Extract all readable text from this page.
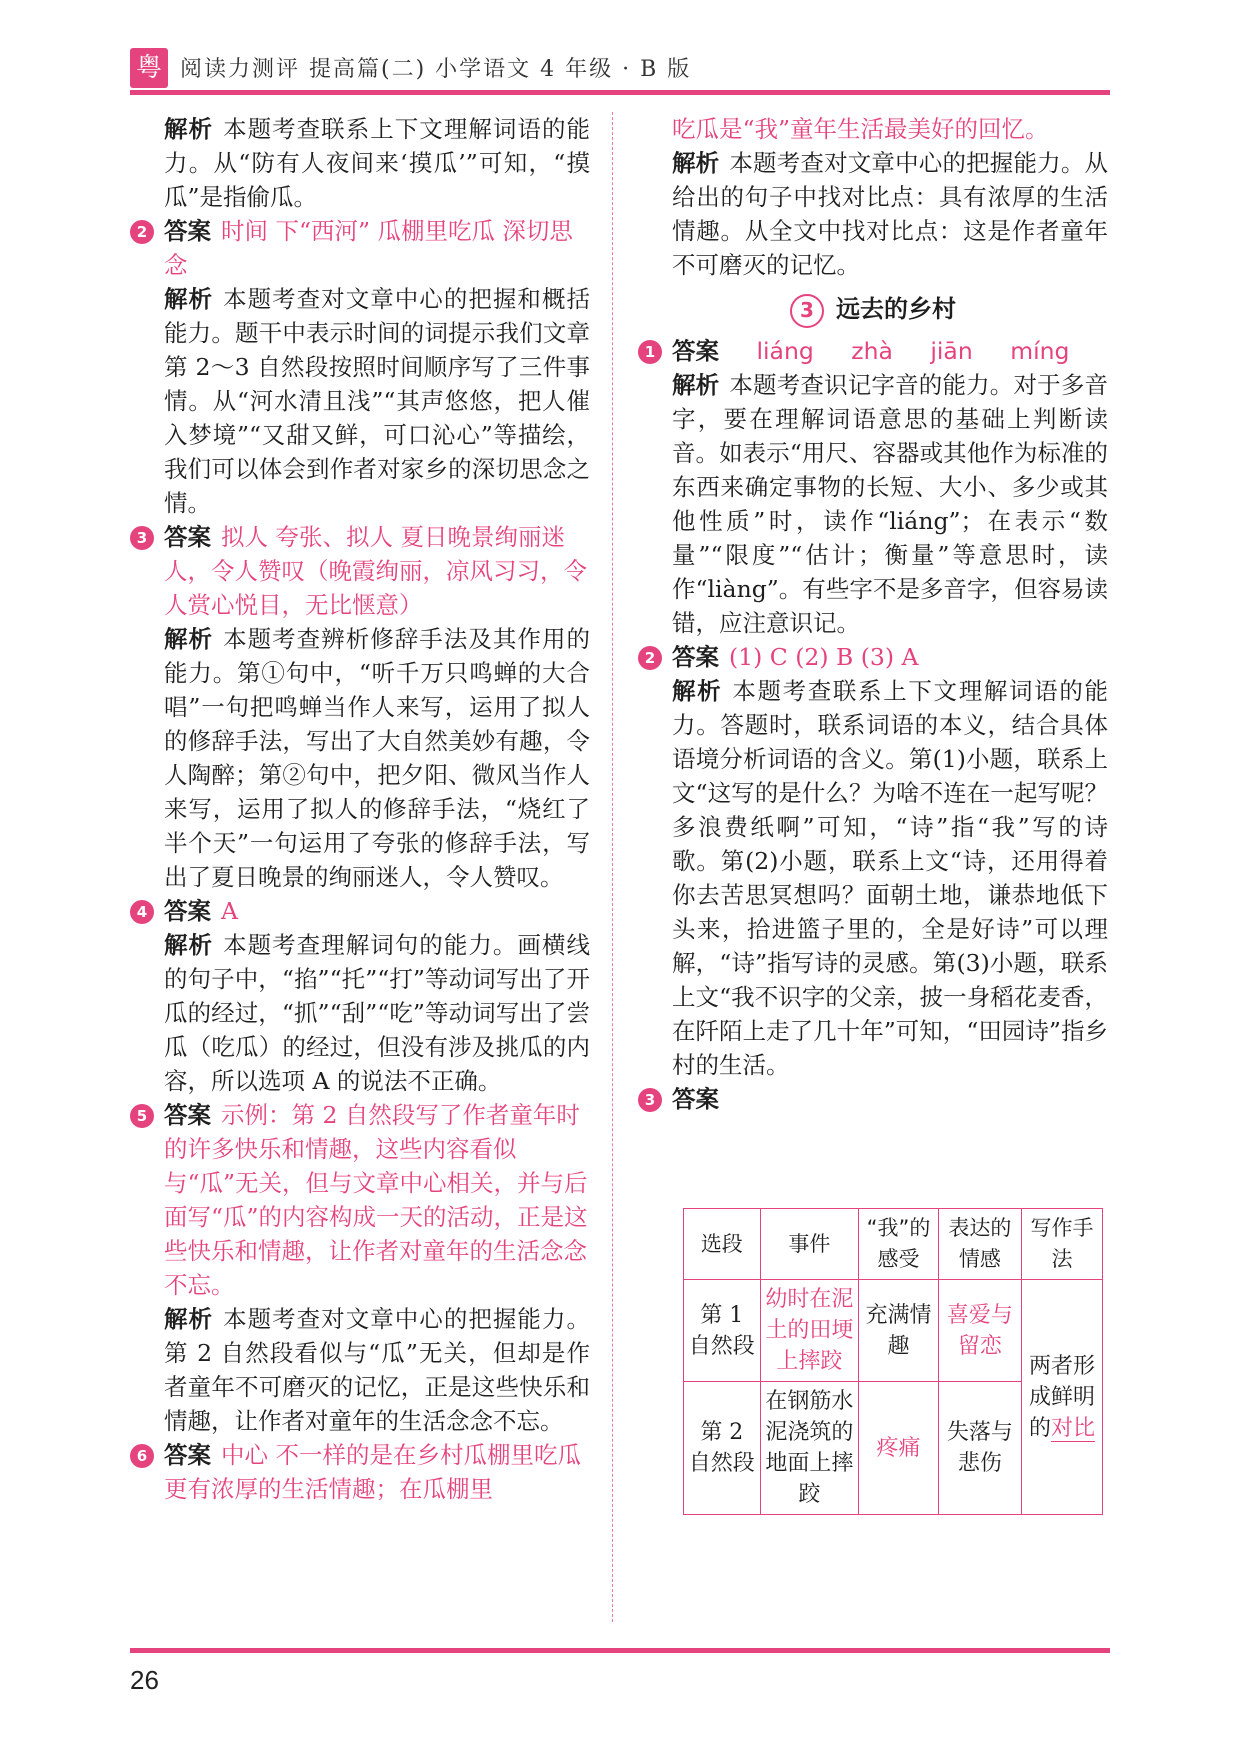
粤 阅读力测评 提高篇(二) 小学语文 4 年级 · B 版
解析 本题考查联系上下文理解词语的能力。从“防有人夜间来‘摸瓜’”可知，“摸瓜”是指偷瓜。
2 答案 时间 下“西河” 瓜棚里吃瓜 深切思念
解析 本题考查对文章中心的把握和概括能力。题干中表示时间的词提示我们文章第 2～3 自然段按照时间顺序写了三件事情。从“河水清且浅”“其声悠悠，把人催入梦境”“又甜又鲜，可口沁心”等描绘，我们可以体会到作者对家乡的深切思念之情。
3 答案 拟人 夸张、拟人 夏日晚景绚丽迷人，令人赞叹（晚霞绚丽，凉风习习，令人赏心悦目，无比惬意）
解析 本题考查辨析修辞手法及其作用的能力。第①句中，“听千万只鸣蝉的大合唱”一句把鸣蝉当作人来写，运用了拟人的修辞手法，写出了大自然美妙有趣，令人陶醉；第②句中，把夕阳、微风当作人来写，运用了拟人的修辞手法，“烧红了半个天”一句运用了夸张的修辞手法，写出了夏日晚景的绚丽迷人，令人赞叹。
4 答案 A
解析 本题考查理解词句的能力。画横线的句子中，“掐”“托”“打”等动词写出了开瓜的经过，“抓”“刮”“吃”等动词写出了尝瓜（吃瓜）的经过，但没有涉及挑瓜的内容，所以选项 A 的说法不正确。
5 答案 示例：第 2 自然段写了作者童年时的许多快乐和情趣，这些内容看似与“瓜”无关，但与文章中心相关，并与后面写“瓜”的内容构成一天的活动，正是这些快乐和情趣，让作者对童年的生活念念不忘。
解析 本题考查对文章中心的把握能力。第 2 自然段看似与“瓜”无关，但却是作者童年不可磨灭的记忆，正是这些快乐和情趣，让作者对童年的生活念念不忘。
6 答案 中心 不一样的是在乡村瓜棚里吃瓜更有浓厚的生活情趣；在瓜棚里
吃瓜是“我”童年生活最美好的回忆。
解析 本题考查对文章中心的把握能力。从给出的句子中找对比点：具有浓厚的生活情趣。从全文中找对比点：这是作者童年不可磨灭的记忆。
3 远去的乡村
1 答案 liáng zhà jiān míng
解析 本题考查识记字音的能力。对于多音字，要在理解词语意思的基础上判断读音。如表示“用尺、容器或其他作为标准的东西来确定事物的长短、大小、多少或其他性质”时，读作“liáng”；在表示“数量”“限度”“估计；衡量”等意思时，读作“liàng”。有些字不是多音字，但容易读错，应注意识记。
2 答案 (1) C (2) B (3) A
解析 本题考查联系上下文理解词语的能力。答题时，联系词语的本义，结合具体语境分析词语的含义。第(1)小题，联系上文“这写的是什么？为啥不连在一起写呢？多浪费纸啊”可知，“诗”指“我”写的诗歌。第(2)小题，联系上文“诗，还用得着你去苦思冥想吗？面朝土地，谦恭地低下头来，拾进篮子里的，全是好诗”可以理解，“诗”指写诗的灵感。第(3)小题，联系上文“我不识字的父亲，披一身稻花麦香，在阡陌上走了几十年”可知，“田园诗”指乡村的生活。
3 答案
选段	事件	“我”的感受	表达的情感	写作手法
第 1 自然段	幼时在泥土的田埂上摔跤	充满情趣	喜爱与留恋	两者形成鲜明的对比
第 2 自然段	在钢筋水泥浇筑的地面上摔跤	疼痛	失落与悲伤	
26
